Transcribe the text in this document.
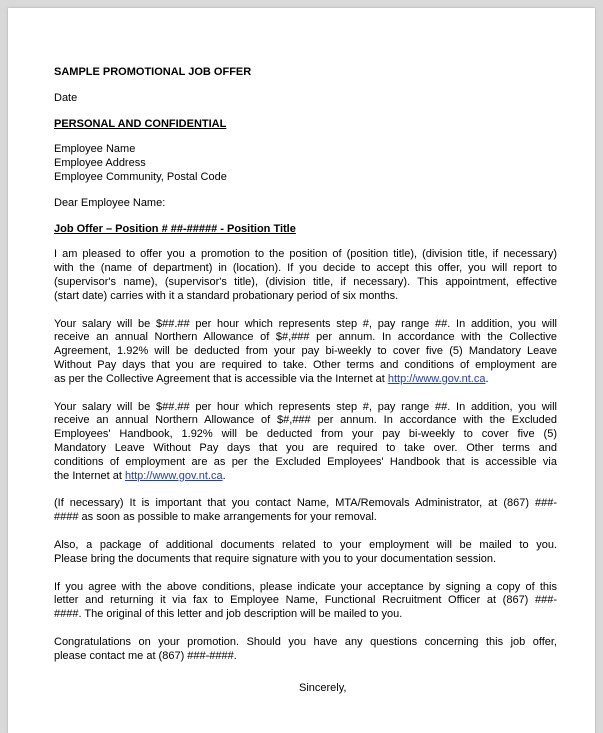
SAMPLE PROMOTIONAL JOB OFFER
Date
PERSONAL AND CONFIDENTIAL
Employee Name
Employee Address
Employee Community, Postal Code
Dear Employee Name:
Job Offer – Position # ##-##### - Position Title
I am pleased to offer you a promotion to the position of (position title), (division title, if necessary)
with the (name of department) in (location). If you decide to accept this offer, you will report to
(supervisor's name), (supervisor's title), (division title, if necessary). This appointment, effective
(start date) carries with it a standard probationary period of six months.
Your salary will be $##.## per hour which represents step #, pay range ##. In addition, you will
receive an annual Northern Allowance of $#,### per annum. In accordance with the Collective
Agreement, 1.92% will be deducted from your pay bi-weekly to cover five (5) Mandatory Leave
Without Pay days that you are required to take. Other terms and conditions of employment are
as per the Collective Agreement that is accessible via the Internet at http://www.gov.nt.ca.
Your salary will be $##.## per hour which represents step #, pay range ##. In addition, you will
receive an annual Northern Allowance of $#,### per annum. In accordance with the Excluded
Employees' Handbook, 1.92% will be deducted from your pay bi-weekly to cover five (5)
Mandatory Leave Without Pay days that you are required to take over. Other terms and
conditions of employment are as per the Excluded Employees' Handbook that is accessible via
the Internet at http://www.gov.nt.ca.
(If necessary) It is important that you contact Name, MTA/Removals Administrator, at (867) ###-
#### as soon as possible to make arrangements for your removal.
Also, a package of additional documents related to your employment will be mailed to you.
Please bring the documents that require signature with you to your documentation session.
If you agree with the above conditions, please indicate your acceptance by signing a copy of this
letter and returning it via fax to Employee Name, Functional Recruitment Officer at (867) ###-
####. The original of this letter and job description will be mailed to you.
Congratulations on your promotion. Should you have any questions concerning this job offer,
please contact me at (867) ###-####.
Sincerely,
